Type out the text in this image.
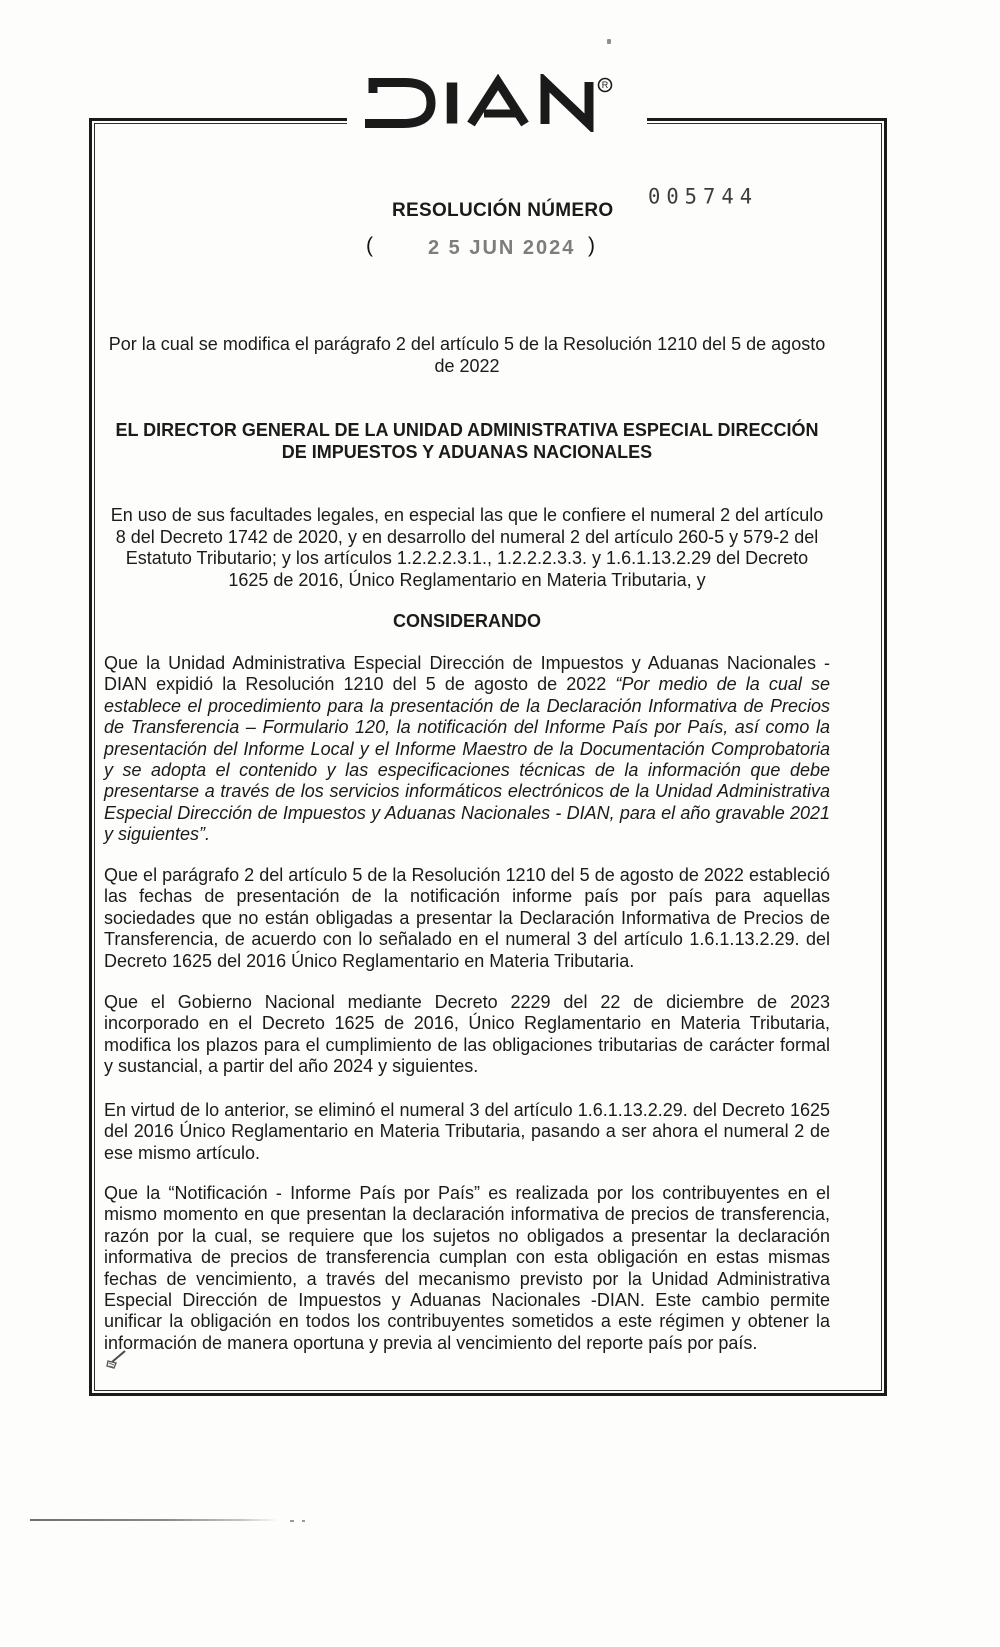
R
RESOLUCIÓN NÚMERO
005744
(	2 5 JUN 2024 )
Por la cual se modifica el parágrafo 2 del artículo 5 de la Resolución 1210 del 5 de agosto
de 2022
EL DIRECTOR GENERAL DE LA UNIDAD ADMINISTRATIVA ESPECIAL DIRECCIÓN
DE IMPUESTOS Y ADUANAS NACIONALES
En uso de sus facultades legales, en especial las que le confiere el numeral 2 del artículo
8 del Decreto 1742 de 2020, y en desarrollo del numeral 2 del artículo 260-5 y 579-2 del
Estatuto Tributario; y los artículos 1.2.2.2.3.1., 1.2.2.2.3.3. y 1.6.1.13.2.29 del Decreto
1625 de 2016, Único Reglamentario en Materia Tributaria, y
CONSIDERANDO
Que la Unidad Administrativa Especial Dirección de Impuestos y Aduanas Nacionales - DIAN expidió la Resolución 1210 del 5 de agosto de 2022 “Por medio de la cual se establece el procedimiento para la presentación de la Declaración Informativa de Precios de Transferencia – Formulario 120, la notificación del Informe País por País, así como la presentación del Informe Local y el Informe Maestro de la Documentación Comprobatoria y se adopta el contenido y las especificaciones técnicas de la información que debe presentarse a través de los servicios informáticos electrónicos de la Unidad Administrativa Especial Dirección de Impuestos y Aduanas Nacionales - DIAN, para el año gravable 2021 y siguientes”.
Que el parágrafo 2 del artículo 5 de la Resolución 1210 del 5 de agosto de 2022 estableció las fechas de presentación de la notificación informe país por país para aquellas sociedades que no están obligadas a presentar la Declaración Informativa de Precios de Transferencia, de acuerdo con lo señalado en el numeral 3 del artículo 1.6.1.13.2.29. del Decreto 1625 del 2016 Único Reglamentario en Materia Tributaria.
Que el Gobierno Nacional mediante Decreto 2229 del 22 de diciembre de 2023 incorporado en el Decreto 1625 de 2016, Único Reglamentario en Materia Tributaria, modifica los plazos para el cumplimiento de las obligaciones tributarias de carácter formal y sustancial, a partir del año 2024 y siguientes.
En virtud de lo anterior, se eliminó el numeral 3 del artículo 1.6.1.13.2.29. del Decreto 1625 del 2016 Único Reglamentario en Materia Tributaria, pasando a ser ahora el numeral 2 de ese mismo artículo.
Que la “Notificación - Informe País por País” es realizada por los contribuyentes en el mismo momento en que presentan la declaración informativa de precios de transferencia, razón por la cual, se requiere que los sujetos no obligados a presentar la declaración informativa de precios de transferencia cumplan con esta obligación en estas mismas fechas de vencimiento, a través del mecanismo previsto por la Unidad Administrativa Especial Dirección de Impuestos y Aduanas Nacionales -DIAN. Este cambio permite unificar la obligación en todos los contribuyentes sometidos a este régimen y obtener la información de manera oportuna y previa al vencimiento del reporte país por país.
